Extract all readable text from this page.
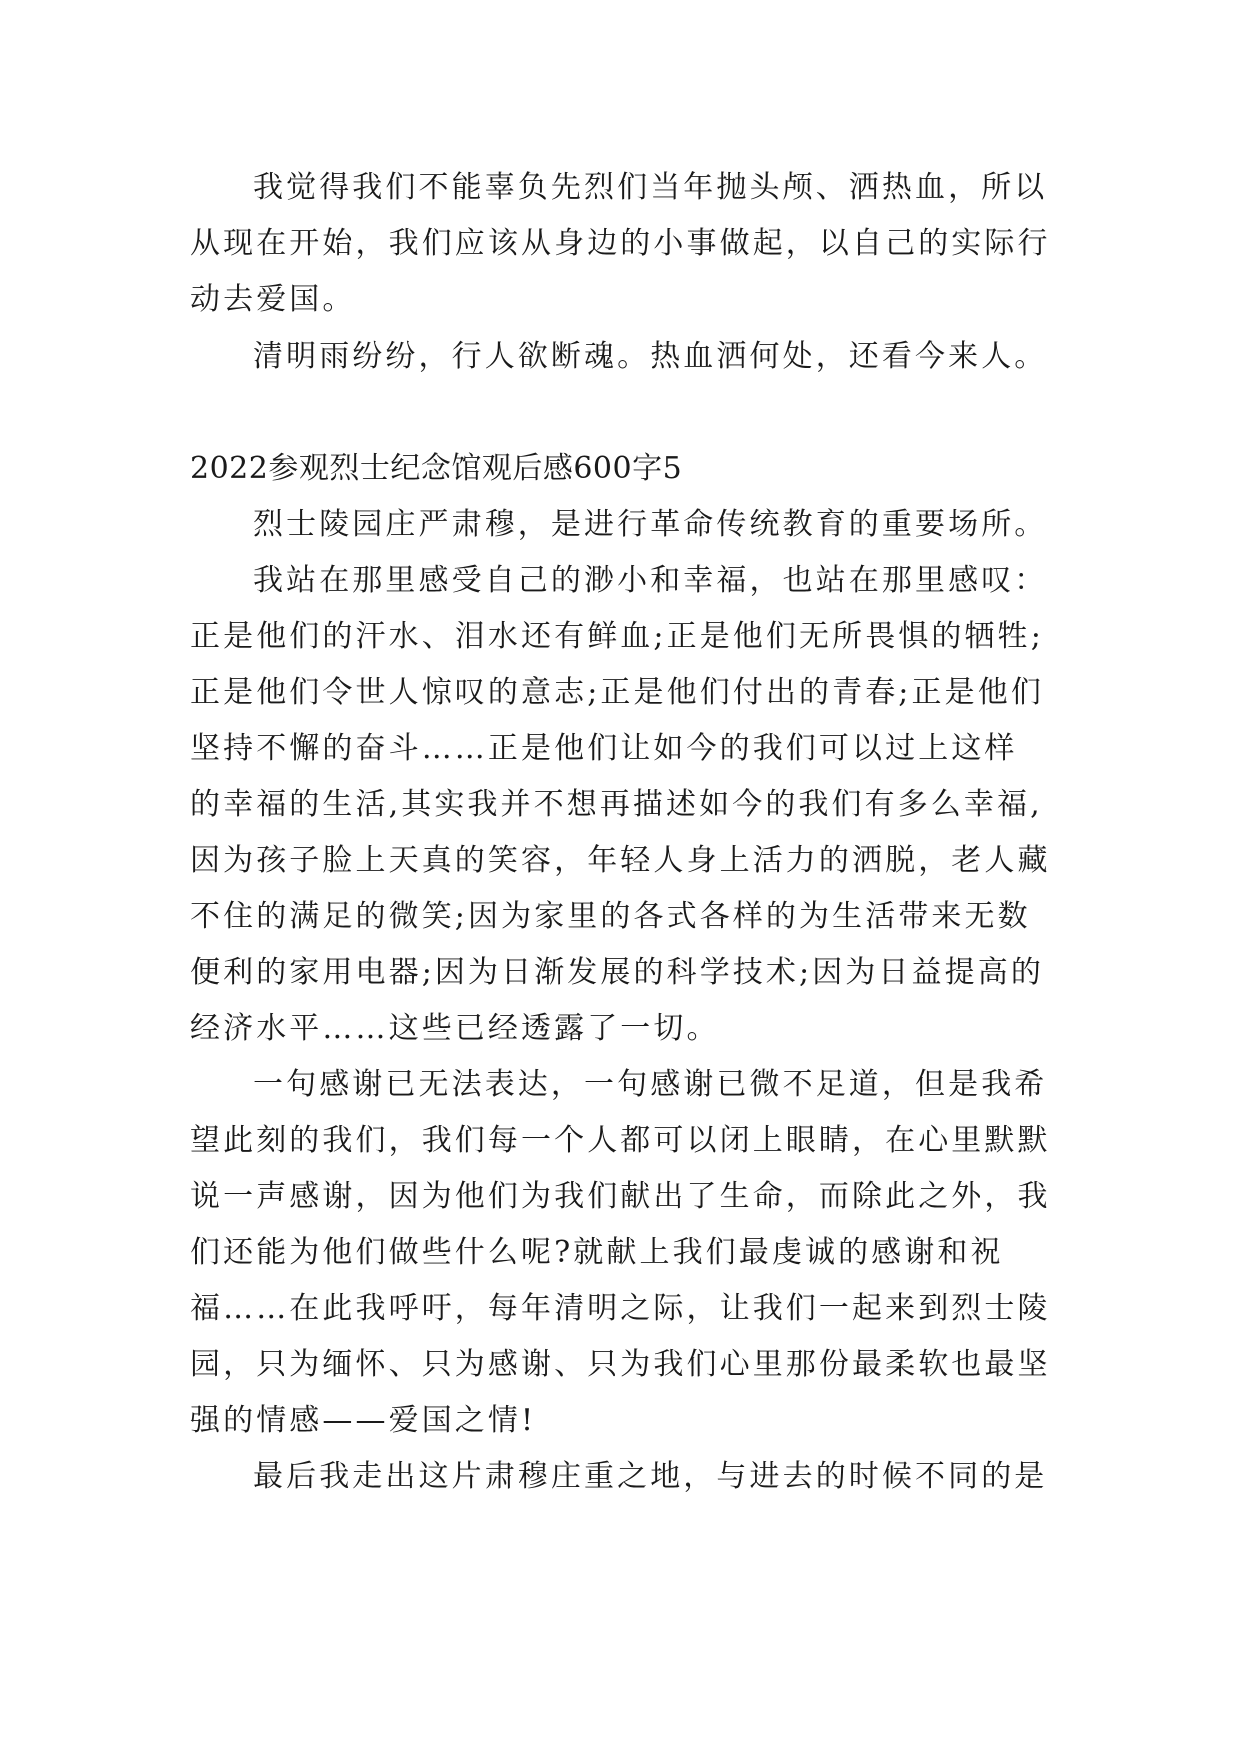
我觉得我们不能辜负先烈们当年抛头颅、洒热血，所以
从现在开始，我们应该从身边的小事做起，以自己的实际行
动去爱国。
清明雨纷纷，行人欲断魂。热血洒何处，还看今来人。
2022参观烈士纪念馆观后感600字5
烈士陵园庄严肃穆，是进行革命传统教育的重要场所。
我站在那里感受自己的渺小和幸福，也站在那里感叹：
正是他们的汗水、泪水还有鲜血;正是他们无所畏惧的牺牲;
正是他们令世人惊叹的意志;正是他们付出的青春;正是他们
坚持不懈的奋斗……正是他们让如今的我们可以过上这样
的幸福的生活,其实我并不想再描述如今的我们有多么幸福,
因为孩子脸上天真的笑容，年轻人身上活力的洒脱，老人藏
不住的满足的微笑;因为家里的各式各样的为生活带来无数
便利的家用电器;因为日渐发展的科学技术;因为日益提高的
经济水平……这些已经透露了一切。
一句感谢已无法表达，一句感谢已微不足道，但是我希
望此刻的我们，我们每一个人都可以闭上眼睛，在心里默默
说一声感谢，因为他们为我们献出了生命，而除此之外，我
们还能为他们做些什么呢?就献上我们最虔诚的感谢和祝
福……在此我呼吁，每年清明之际，让我们一起来到烈士陵
园，只为缅怀、只为感谢、只为我们心里那份最柔软也最坚
强的情感——爱国之情!
最后我走出这片肃穆庄重之地，与进去的时候不同的是
